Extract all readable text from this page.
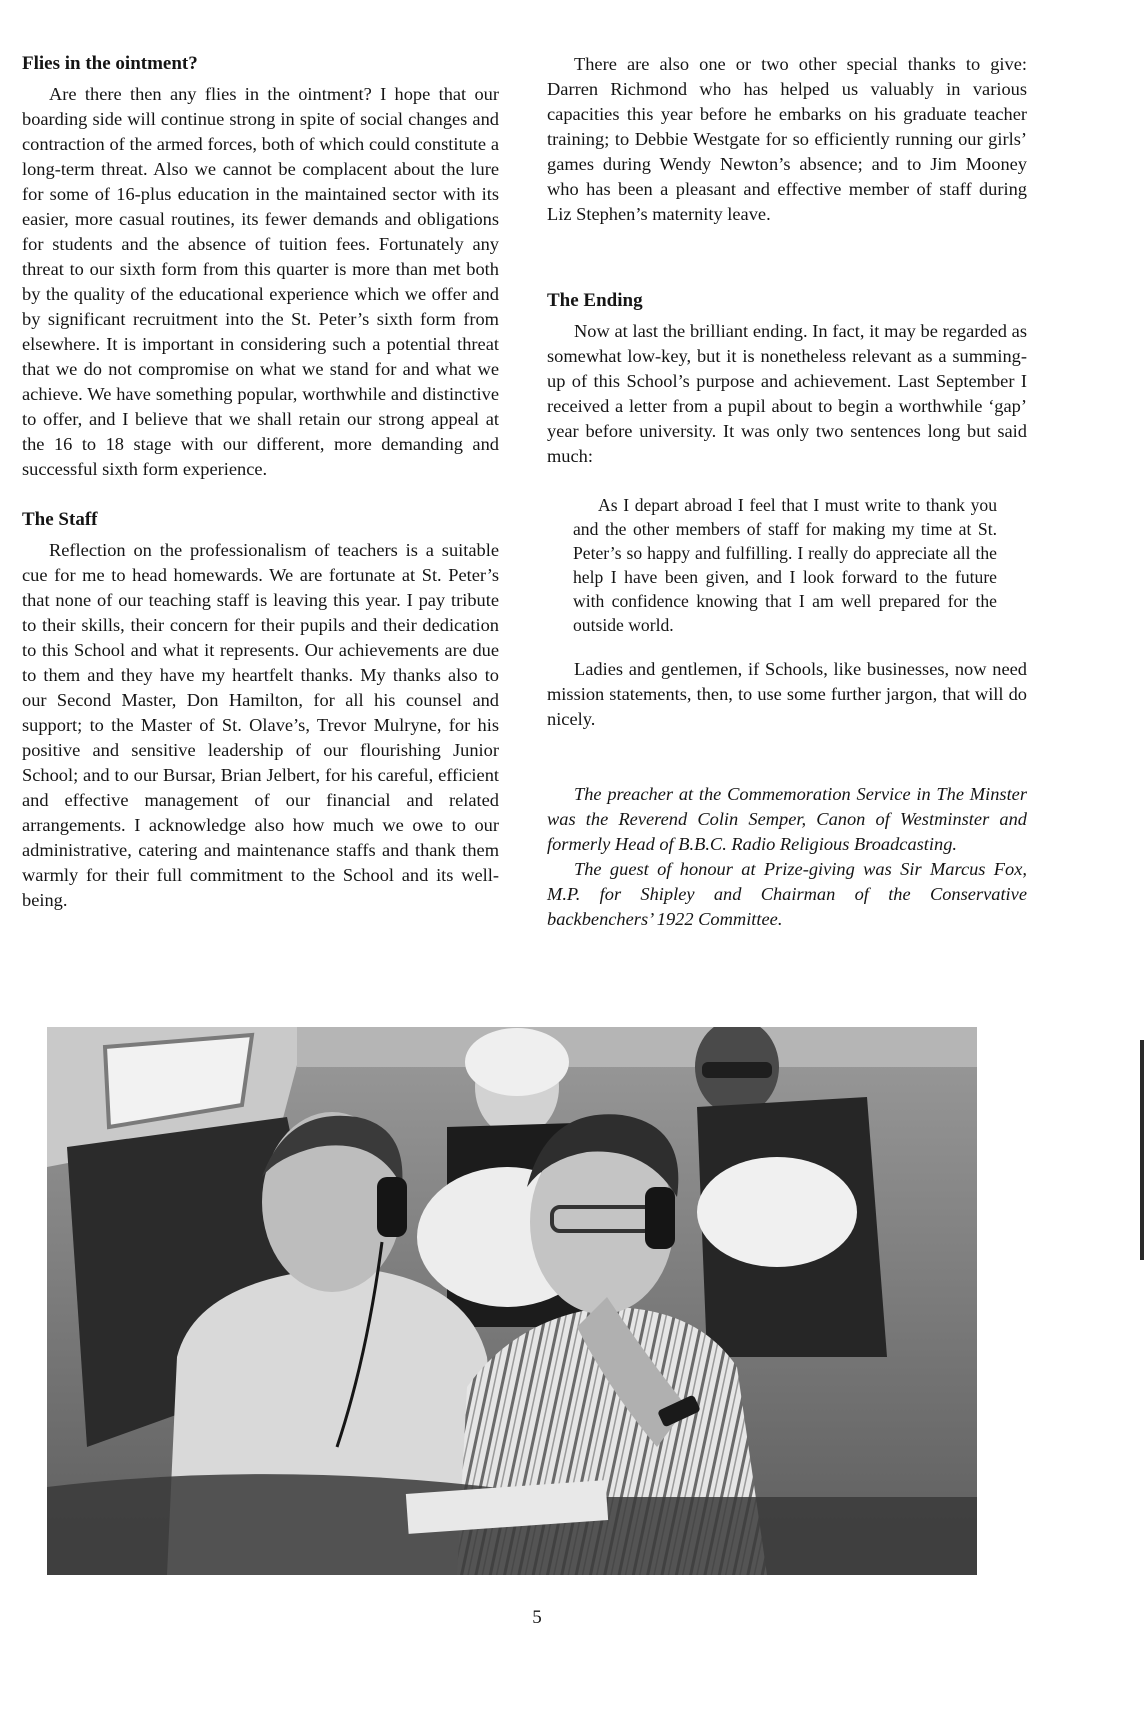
Flies in the ointment?

Are there then any flies in the ointment? I hope that our boarding side will continue strong in spite of social changes and contraction of the armed forces, both of which could constitute a long-term threat. Also we cannot be complacent about the lure for some of 16-plus education in the maintained sector with its easier, more casual routines, its fewer demands and obligations for students and the absence of tuition fees. Fortunately any threat to our sixth form from this quarter is more than met both by the quality of the educational experience which we offer and by significant recruitment into the St. Peter’s sixth form from elsewhere. It is important in considering such a potential threat that we do not compromise on what we stand for and what we achieve. We have something popular, worthwhile and distinctive to offer, and I believe that we shall retain our strong appeal at the 16 to 18 stage with our different, more demanding and successful sixth form experience.

The Staff

Reflection on the professionalism of teachers is a suitable cue for me to head homewards. We are fortunate at St. Peter’s that none of our teaching staff is leaving this year. I pay tribute to their skills, their concern for their pupils and their dedication to this School and what it represents. Our achievements are due to them and they have my heartfelt thanks. My thanks also to our Second Master, Don Hamilton, for all his counsel and support; to the Master of St. Olave’s, Trevor Mulryne, for his positive and sensitive leadership of our flourishing Junior School; and to our Bursar, Brian Jelbert, for his careful, efficient and effective management of our financial and related arrangements. I acknowledge also how much we owe to our administrative, catering and maintenance staffs and thank them warmly for their full commitment to the School and its well-being.

There are also one or two other special thanks to give: Darren Richmond who has helped us valuably in various capacities this year before he embarks on his graduate teacher training; to Debbie Westgate for so efficiently running our girls’ games during Wendy Newton’s absence; and to Jim Mooney who has been a pleasant and effective member of staff during Liz Stephen’s maternity leave.

The Ending

Now at last the brilliant ending. In fact, it may be regarded as somewhat low-key, but it is nonetheless relevant as a summing-up of this School’s purpose and achievement. Last September I received a letter from a pupil about to begin a worthwhile ‘gap’ year before university. It was only two sentences long but said much:

As I depart abroad I feel that I must write to thank you and the other members of staff for making my time at St. Peter’s so happy and fulfilling. I really do appreciate all the help I have been given, and I look forward to the future with confidence knowing that I am well prepared for the outside world.

Ladies and gentlemen, if Schools, like businesses, now need mission statements, then, to use some further jargon, that will do nicely.

The preacher at the Commemoration Service in The Minster was the Reverend Colin Semper, Canon of Westminster and formerly Head of B.B.C. Radio Religious Broadcasting.

The guest of honour at Prize-giving was Sir Marcus Fox, M.P. for Shipley and Chairman of the Conservative backbenchers’ 1922 Committee.

5
